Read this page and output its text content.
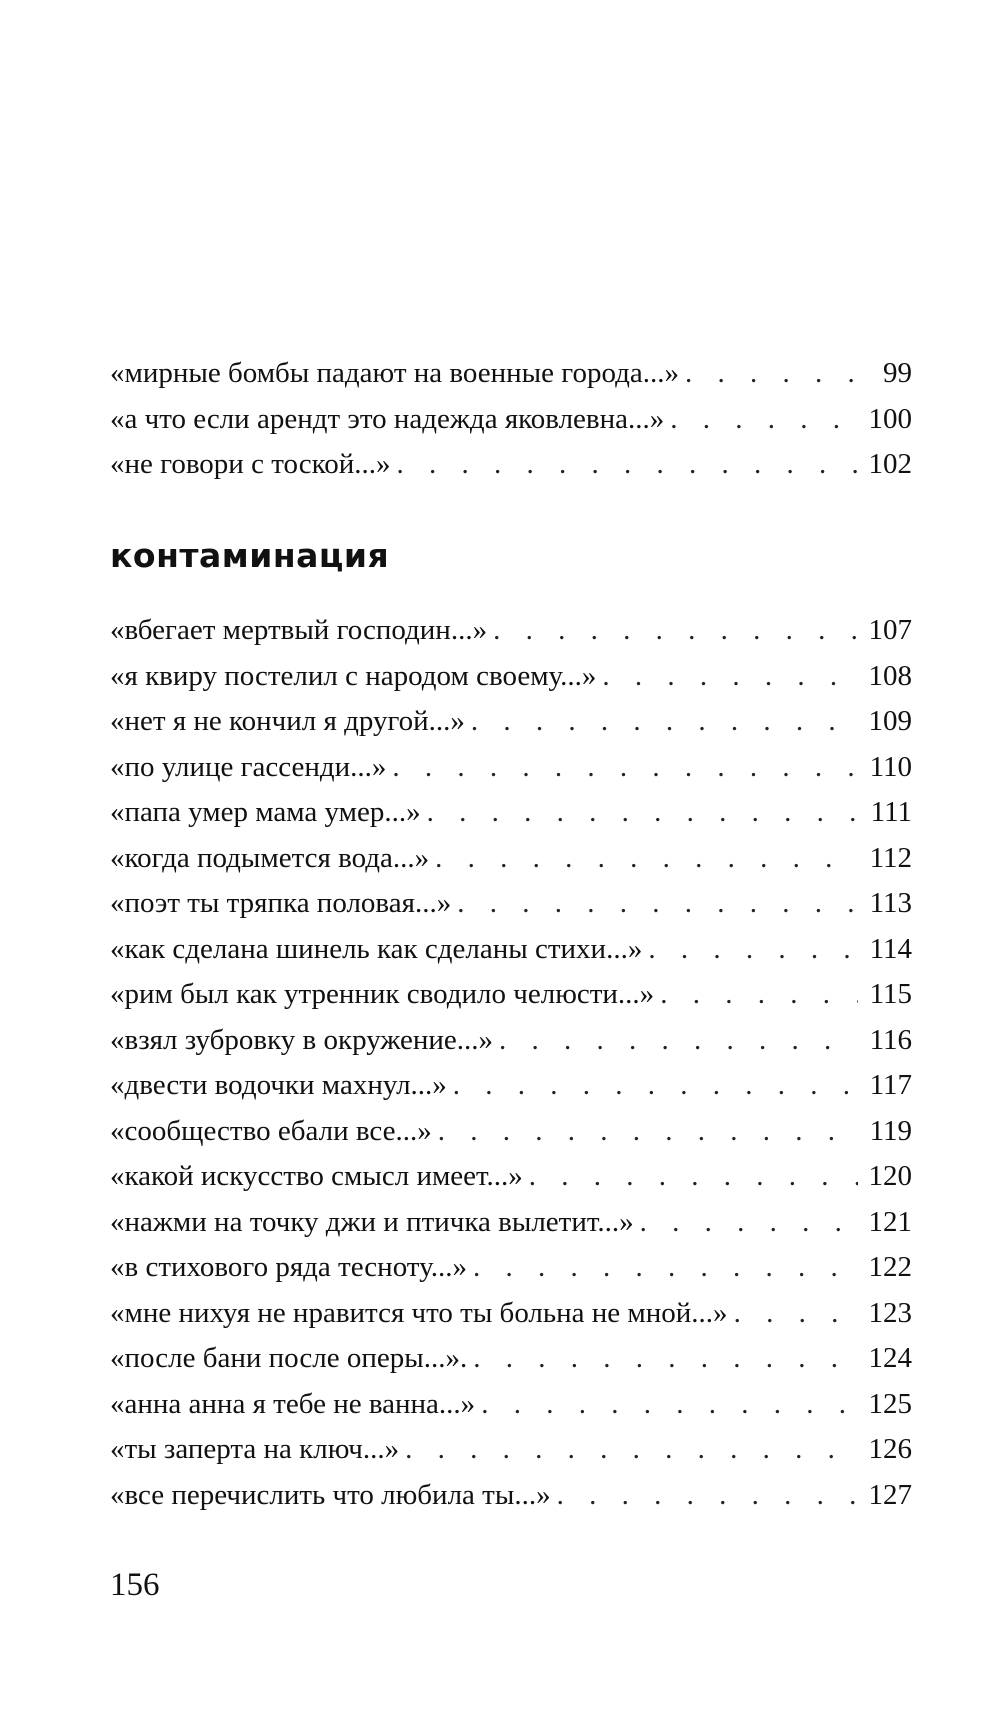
«мирные бомбы падают на военные города...» . . .	99
«а что если арендт это надежда яковлевна...» . . .	100
«не говори с тоской...» . . .	102
контаминация
«вбегает мертвый господин...» . . .	107
«я квиру постелил с народом своему...» . . .	108
«нет я не кончил я другой...» . . .	109
«по улице гассенди...» . . .	110
«папа умер мама умер...» . . .	111
«когда подымется вода...» . . .	112
«поэт ты тряпка половая...» . . .	113
«как сделана шинель как сделаны стихи...» . . .	114
«рим был как утренник сводило челюсти...» . . .	115
«взял зубровку в окружение...» . . .	116
«двести водочки махнул...» . . .	117
«сообщество ебали все...» . . .	119
«какой искусство смысл имеет...» . . .	120
«нажми на точку джи и птичка вылетит...» . . .	121
«в стихового ряда тесноту...» . . .	122
«мне нихуя не нравится что ты больна не мной...» . . .	123
«после бани после оперы...». . . .	124
«анна анна я тебе не ванна...» . . .	125
«ты заперта на ключ...» . . .	126
«все перечислить что любила ты...» . . .	127
156
